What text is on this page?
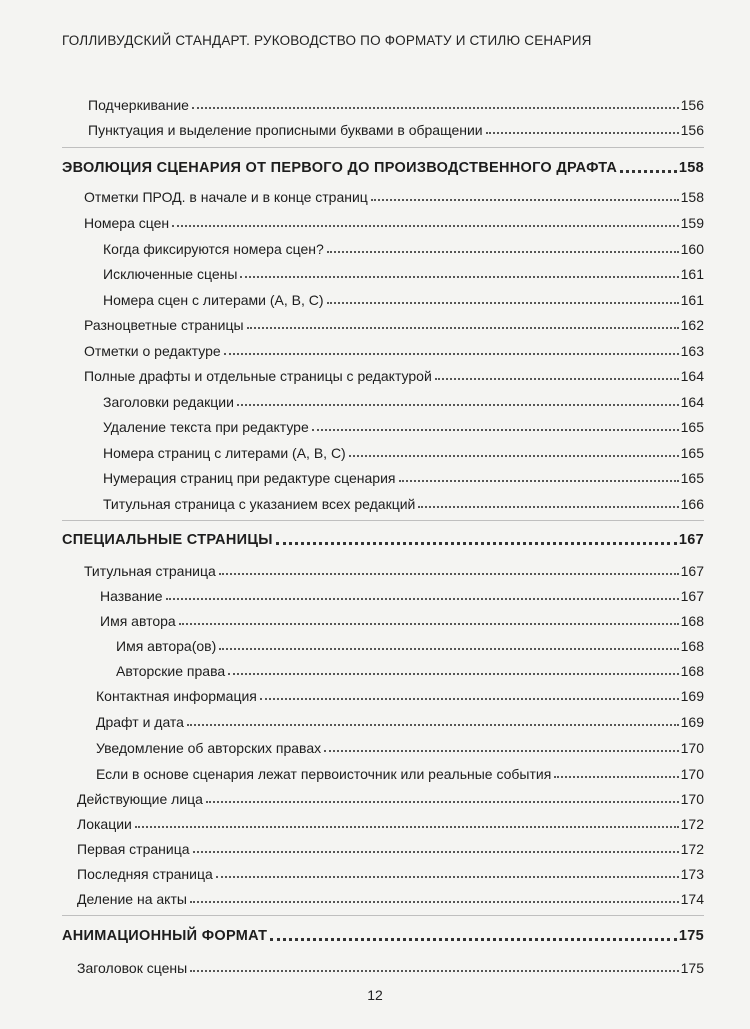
ГОЛЛИВУДСКИЙ СТАНДАРТ. РУКОВОДСТВО ПО ФОРМАТУ И СТИЛЮ СЕНАРИЯ
Подчеркивание	156
Пунктуация и выделение прописными буквами в обращении	156
ЭВОЛЮЦИЯ СЦЕНАРИЯ ОТ ПЕРВОГО ДО ПРОИЗВОДСТВЕННОГО ДРАФТА	158
Отметки ПРОД. в начале и в конце страниц	158
Номера сцен	159
Когда фиксируются номера сцен?	160
Исключенные сцены	161
Номера сцен с литерами (А, В, С)	161
Разноцветные страницы	162
Отметки о редактуре	163
Полные драфты и отдельные страницы с редактурой	164
Заголовки редакции	164
Удаление текста при редактуре	165
Номера страниц с литерами (А, В, С)	165
Нумерация страниц при редактуре сценария	165
Титульная страница с указанием всех редакций	166
СПЕЦИАЛЬНЫЕ СТРАНИЦЫ	167
Титульная страница	167
Название	167
Имя автора	168
Имя автора(ов)	168
Авторские права	168
Контактная информация	169
Драфт и дата	169
Уведомление об авторских правах	170
Если в основе сценария лежат первоисточник или реальные события	170
Действующие лица	170
Локации	172
Первая страница	172
Последняя страница	173
Деление на акты	174
АНИМАЦИОННЫЙ ФОРМАТ	175
Заголовок сцены	175
12
